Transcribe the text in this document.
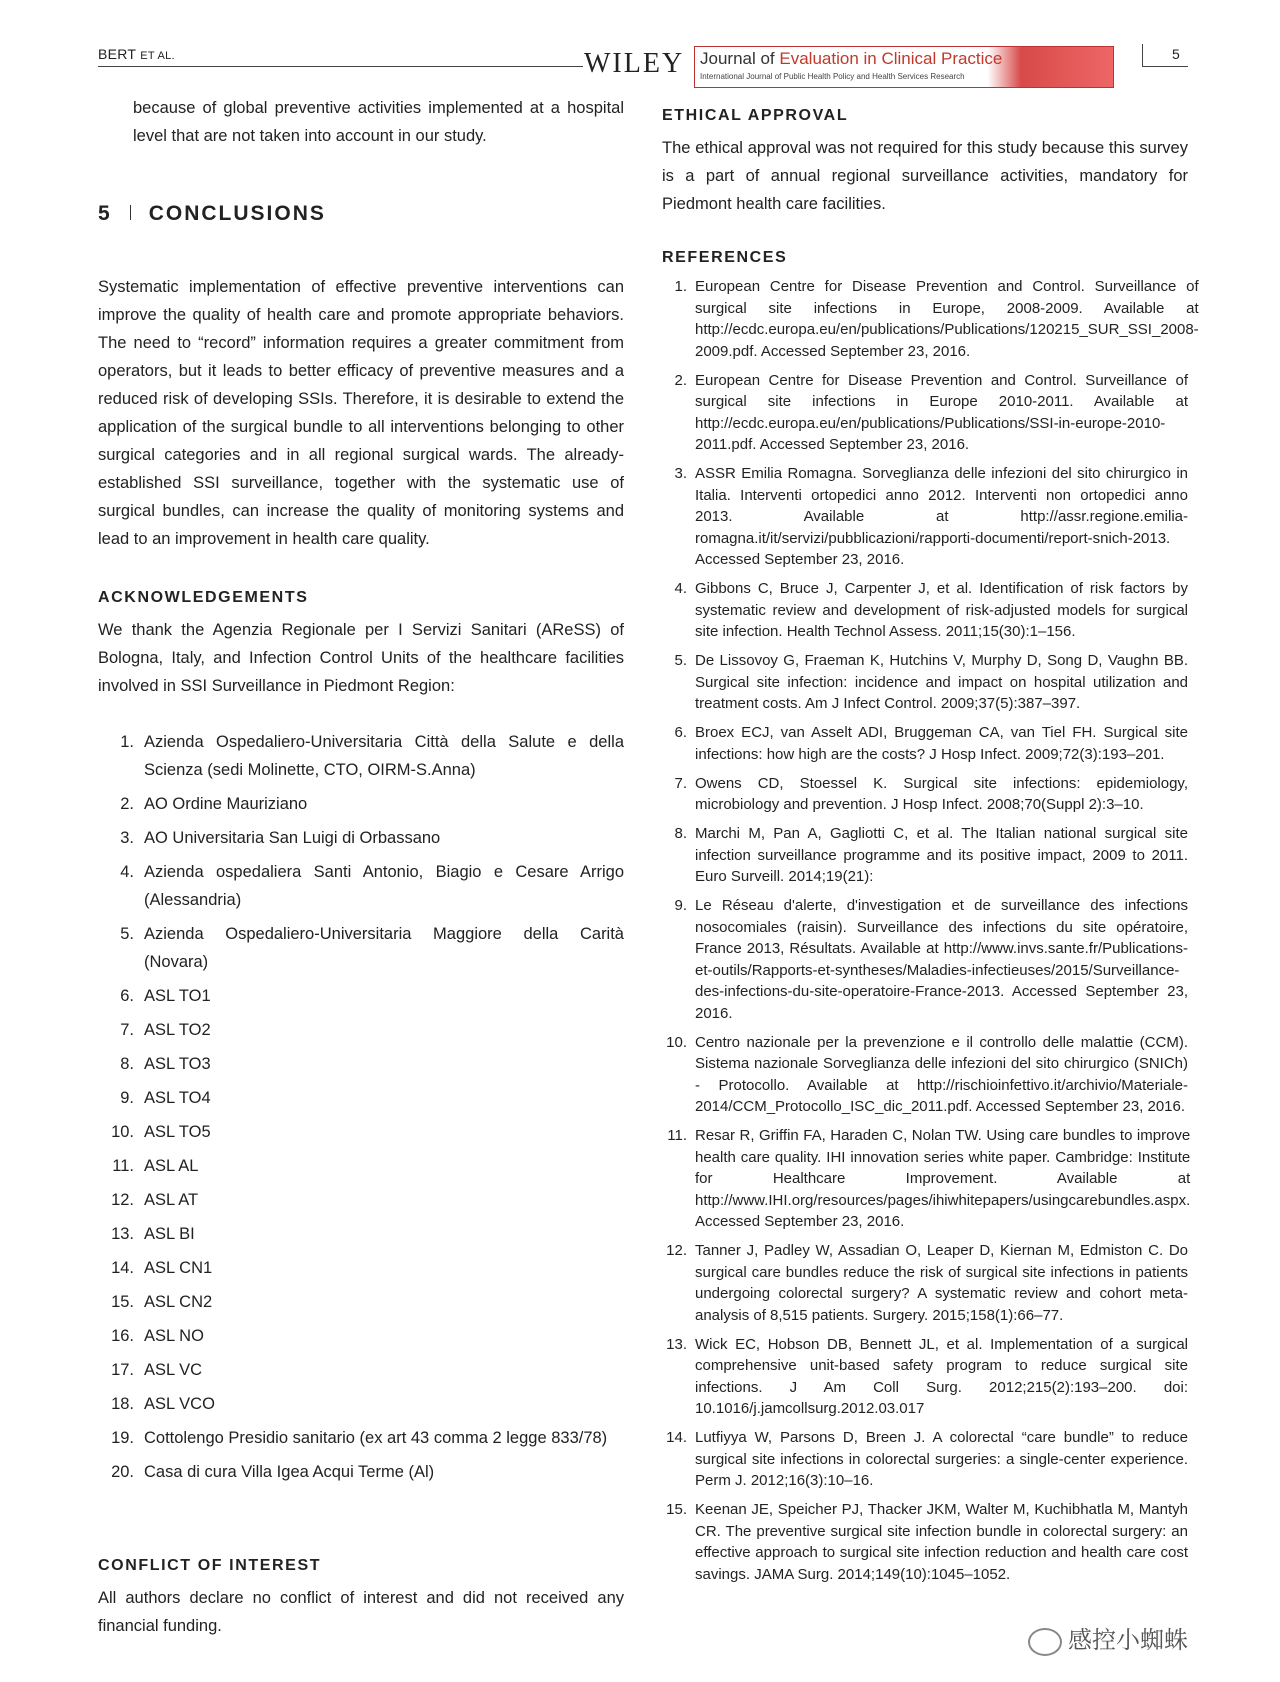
BERT ET AL.	WILEY Journal of Evaluation in Clinical Practice
International Journal of Public Health Policy and Health Services Research
5

because of global preventive activities implemented at a hospital level that are not taken into account in our study.

5 CONCLUSIONS

Systematic implementation of effective preventive interventions can improve the quality of health care and promote appropriate behaviors. The need to “record” information requires a greater commitment from operators, but it leads to better efficacy of preventive measures and a reduced risk of developing SSIs. Therefore, it is desirable to extend the application of the surgical bundle to all interventions belonging to other surgical categories and in all regional surgical wards. The already-established SSI surveillance, together with the systematic use of surgical bundles, can increase the quality of monitoring systems and lead to an improvement in health care quality.

ACKNOWLEDGEMENTS

We thank the Agenzia Regionale per I Servizi Sanitari (AReSS) of Bologna, Italy, and Infection Control Units of the healthcare facilities involved in SSI Surveillance in Piedmont Region:

1. Azienda Ospedaliero-Universitaria Città della Salute e della Scienza (sedi Molinette, CTO, OIRM-S.Anna)
2. AO Ordine Mauriziano
3. AO Universitaria San Luigi di Orbassano
4. Azienda ospedaliera Santi Antonio, Biagio e Cesare Arrigo (Alessandria)
5. Azienda Ospedaliero-Universitaria Maggiore della Carità (Novara)
6. ASL TO1
7. ASL TO2
8. ASL TO3
9. ASL TO4
10. ASL TO5
11. ASL AL
12. ASL AT
13. ASL BI
14. ASL CN1
15. ASL CN2
16. ASL NO
17. ASL VC
18. ASL VCO
19. Cottolengo Presidio sanitario (ex art 43 comma 2 legge 833/78)
20. Casa di cura Villa Igea Acqui Terme (Al)

CONFLICT OF INTEREST

All authors declare no conflict of interest and did not received any financial funding.

ETHICAL APPROVAL

The ethical approval was not required for this study because this survey is a part of annual regional surveillance activities, mandatory for Piedmont health care facilities.

REFERENCES

1. European Centre for Disease Prevention and Control. Surveillance of surgical site infections in Europe, 2008-2009. Available at http://ecdc.europa.eu/en/publications/Publications/120215_SUR_SSI_2008-2009.pdf. Accessed September 23, 2016.
2. European Centre for Disease Prevention and Control. Surveillance of surgical site infections in Europe 2010-2011. Available at http://ecdc.europa.eu/en/publications/Publications/SSI-in-europe-2010-2011.pdf. Accessed September 23, 2016.
3. ASSR Emilia Romagna. Sorveglianza delle infezioni del sito chirurgico in Italia. Interventi ortopedici anno 2012. Interventi non ortopedici anno 2013. Available at http://assr.regione.emilia-romagna.it/it/servizi/pubblicazioni/rapporti-documenti/report-snich-2013. Accessed September 23, 2016.
4. Gibbons C, Bruce J, Carpenter J, et al. Identification of risk factors by systematic review and development of risk-adjusted models for surgical site infection. Health Technol Assess. 2011;15(30):1–156.
5. De Lissovoy G, Fraeman K, Hutchins V, Murphy D, Song D, Vaughn BB. Surgical site infection: incidence and impact on hospital utilization and treatment costs. Am J Infect Control. 2009;37(5):387–397.
6. Broex ECJ, van Asselt ADI, Bruggeman CA, van Tiel FH. Surgical site infections: how high are the costs? J Hosp Infect. 2009;72(3):193–201.
7. Owens CD, Stoessel K. Surgical site infections: epidemiology, microbiology and prevention. J Hosp Infect. 2008;70(Suppl 2):3–10.
8. Marchi M, Pan A, Gagliotti C, et al. The Italian national surgical site infection surveillance programme and its positive impact, 2009 to 2011. Euro Surveill. 2014;19(21):
9. Le Réseau d'alerte, d'investigation et de surveillance des infections nosocomiales (raisin). Surveillance des infections du site opératoire, France 2013, Résultats. Available at http://www.invs.sante.fr/Publications-et-outils/Rapports-et-syntheses/Maladies-infectieuses/2015/Surveillance-des-infections-du-site-operatoire-France-2013. Accessed September 23, 2016.
10. Centro nazionale per la prevenzione e il controllo delle malattie (CCM). Sistema nazionale Sorveglianza delle infezioni del sito chirurgico (SNICh) - Protocollo. Available at http://rischioinfettivo.it/archivio/Materiale-2014/CCM_Protocollo_ISC_dic_2011.pdf. Accessed September 23, 2016.
11. Resar R, Griffin FA, Haraden C, Nolan TW. Using care bundles to improve health care quality. IHI innovation series white paper. Cambridge: Institute for Healthcare Improvement. Available at http://www.IHI.org/resources/pages/ihiwhitepapers/usingcarebundles.aspx. Accessed September 23, 2016.
12. Tanner J, Padley W, Assadian O, Leaper D, Kiernan M, Edmiston C. Do surgical care bundles reduce the risk of surgical site infections in patients undergoing colorectal surgery? A systematic review and cohort meta-analysis of 8,515 patients. Surgery. 2015;158(1):66–77.
13. Wick EC, Hobson DB, Bennett JL, et al. Implementation of a surgical comprehensive unit-based safety program to reduce surgical site infections. J Am Coll Surg. 2012;215(2):193–200. doi: 10.1016/j.jamcollsurg.2012.03.017
14. Lutfiyya W, Parsons D, Breen J. A colorectal “care bundle” to reduce surgical site infections in colorectal surgeries: a single-center experience. Perm J. 2012;16(3):10–16.
15. Keenan JE, Speicher PJ, Thacker JKM, Walter M, Kuchibhatla M, Mantyh CR. The preventive surgical site infection bundle in colorectal surgery: an effective approach to surgical site infection reduction and health care cost savings. JAMA Surg. 2014;149(10):1045–1052.
感控小蜘蛛
